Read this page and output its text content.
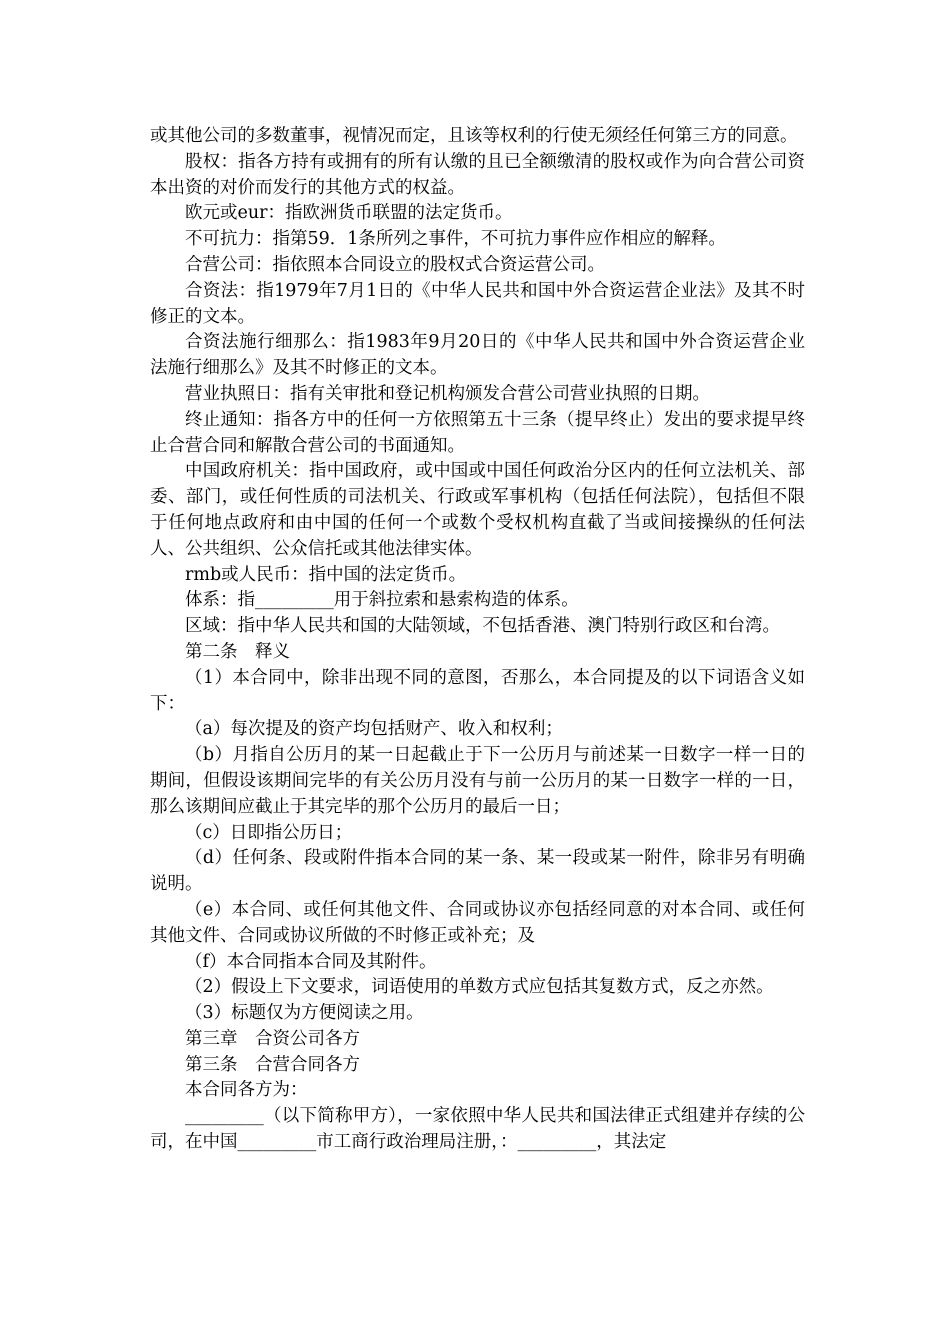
或其他公司的多数董事，视情况而定，且该等权利的行使无须经任何第三方的同意。

股权：指各方持有或拥有的所有认缴的且已全额缴清的股权或作为向合营公司资本出资的对价而发行的其他方式的权益。

欧元或eur：指欧洲货币联盟的法定货币。

不可抗力：指第59．1条所列之事件，不可抗力事件应作相应的解释。

合营公司：指依照本合同设立的股权式合资运营公司。

合资法：指1979年7月1日的《中华人民共和国中外合资运营企业法》及其不时修正的文本。

合资法施行细那么：指1983年9月20日的《中华人民共和国中外合资运营企业法施行细那么》及其不时修正的文本。

营业执照日：指有关审批和登记机构颁发合营公司营业执照的日期。

终止通知：指各方中的任何一方依照第五十三条（提早终止）发出的要求提早终止合营合同和解散合营公司的书面通知。

中国政府机关：指中国政府，或中国或中国任何政治分区内的任何立法机关、部委、部门，或任何性质的司法机关、行政或军事机构（包括任何法院），包括但不限于任何地点政府和由中国的任何一个或数个受权机构直截了当或间接操纵的任何法人、公共组织、公众信托或其他法律实体。

rmb或人民币：指中国的法定货币。

体系：指_________用于斜拉索和悬索构造的体系。

区域：指中华人民共和国的大陆领域，不包括香港、澳门特别行政区和台湾。

第二条　释义

（1）本合同中，除非出现不同的意图，否那么，本合同提及的以下词语含义如下：

（a）每次提及的资产均包括财产、收入和权利；

（b）月指自公历月的某一日起截止于下一公历月与前述某一日数字一样一日的期间，但假设该期间完毕的有关公历月没有与前一公历月的某一日数字一样的一日，那么该期间应截止于其完毕的那个公历月的最后一日；

（c）日即指公历日；

（d）任何条、段或附件指本合同的某一条、某一段或某一附件，除非另有明确说明。

（e）本合同、或任何其他文件、合同或协议亦包括经同意的对本合同、或任何其他文件、合同或协议所做的不时修正或补充；及

（f）本合同指本合同及其附件。

（2）假设上下文要求，词语使用的单数方式应包括其复数方式，反之亦然。

（3）标题仅为方便阅读之用。

第三章　合资公司各方

第三条　合营合同各方

本合同各方为：

_________（以下简称甲方），一家依照中华人民共和国法律正式组建并存续的公司，在中国_________市工商行政治理局注册，：_________，其法定
